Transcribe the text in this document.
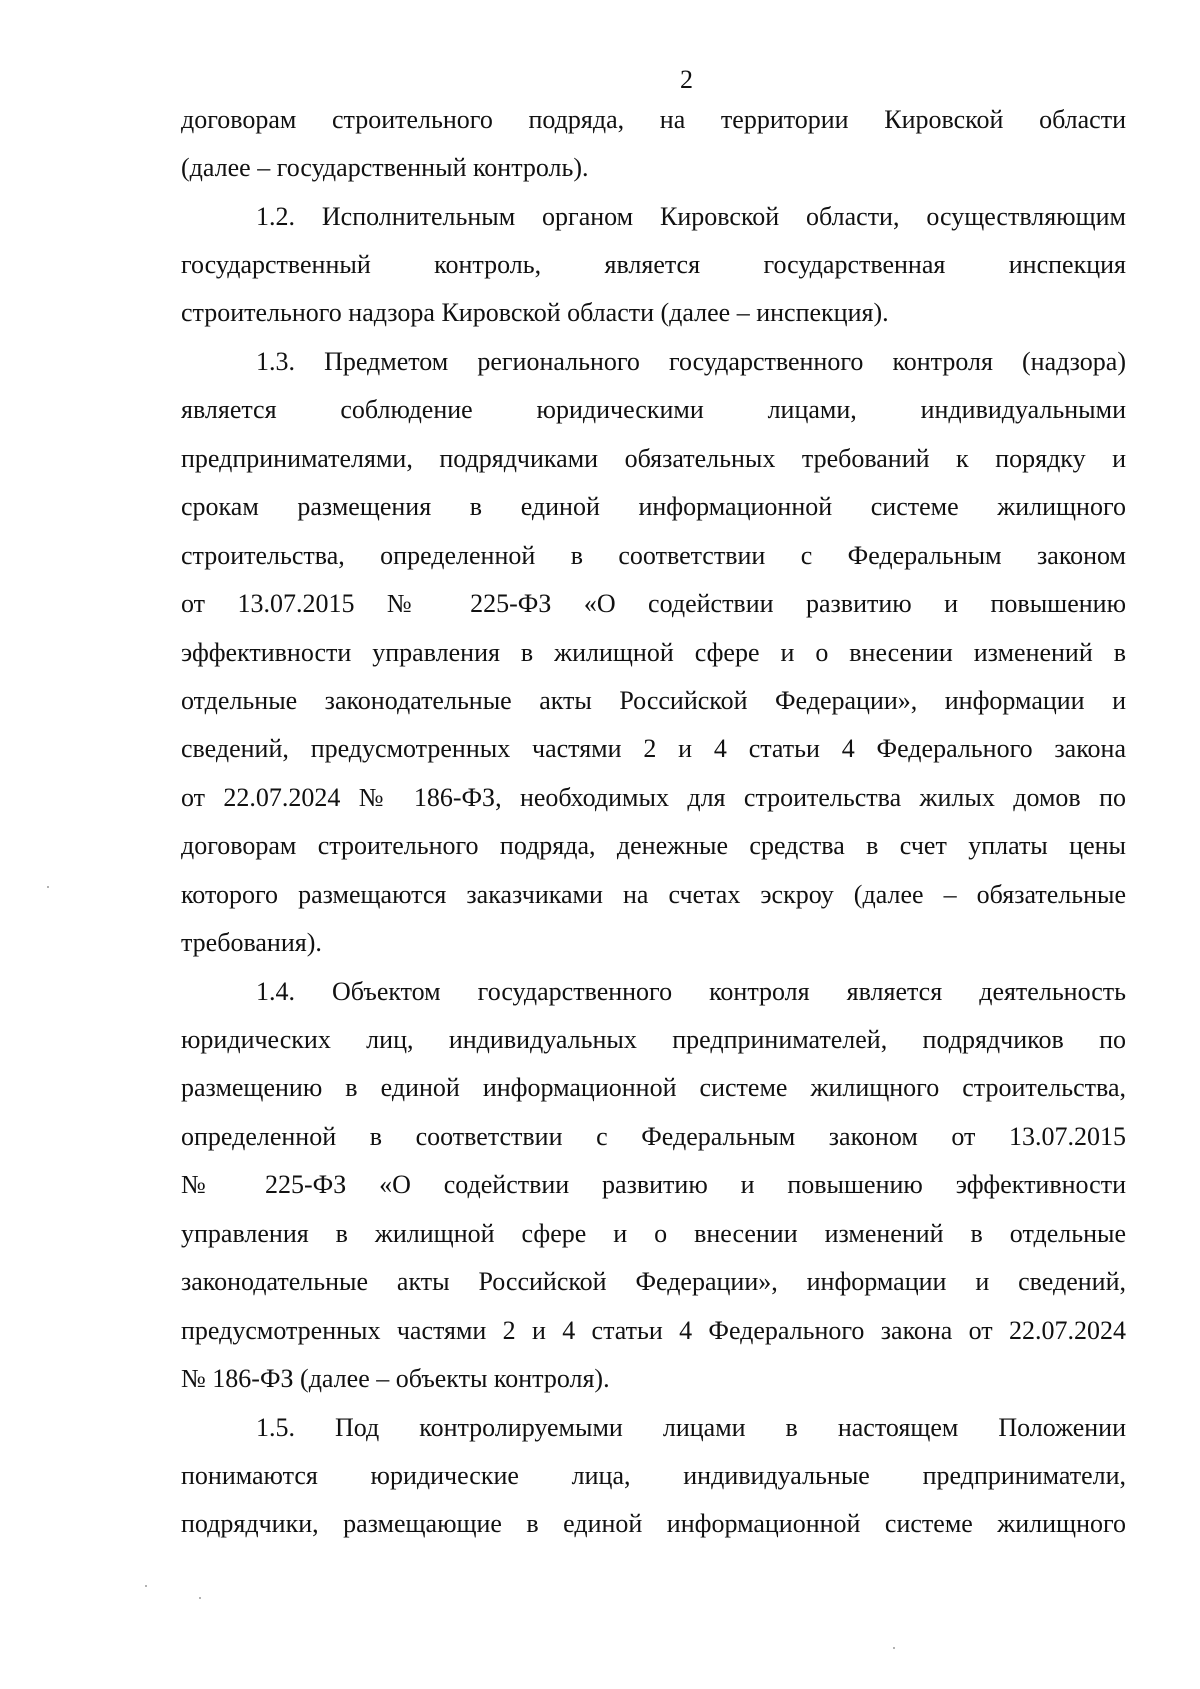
2
договорам строительного подряда, на территории Кировской области
(далее – государственный контроль).
1.2. Исполнительным органом Кировской области, осуществляющим
государственный контроль, является государственная инспекция
строительного надзора Кировской области (далее – инспекция).
1.3. Предметом регионального государственного контроля (надзора)
является соблюдение юридическими лицами, индивидуальными
предпринимателями, подрядчиками обязательных требований к порядку и
срокам размещения в единой информационной системе жилищного
строительства, определенной в соответствии с Федеральным законом
от 13.07.2015 № 225-ФЗ «О содействии развитию и повышению
эффективности управления в жилищной сфере и о внесении изменений в
отдельные законодательные акты Российской Федерации», информации и
сведений, предусмотренных частями 2 и 4 статьи 4 Федерального закона
от 22.07.2024 № 186-ФЗ, необходимых для строительства жилых домов по
договорам строительного подряда, денежные средства в счет уплаты цены
которого размещаются заказчиками на счетах эскроу (далее – обязательные
требования).
1.4. Объектом государственного контроля является деятельность
юридических лиц, индивидуальных предпринимателей, подрядчиков по
размещению в единой информационной системе жилищного строительства,
определенной в соответствии с Федеральным законом от 13.07.2015
№ 225-ФЗ «О содействии развитию и повышению эффективности
управления в жилищной сфере и о внесении изменений в отдельные
законодательные акты Российской Федерации», информации и сведений,
предусмотренных частями 2 и 4 статьи 4 Федерального закона от 22.07.2024
№ 186-ФЗ (далее – объекты контроля).
1.5. Под контролируемыми лицами в настоящем Положении
понимаются юридические лица, индивидуальные предприниматели,
подрядчики, размещающие в единой информационной системе жилищного
